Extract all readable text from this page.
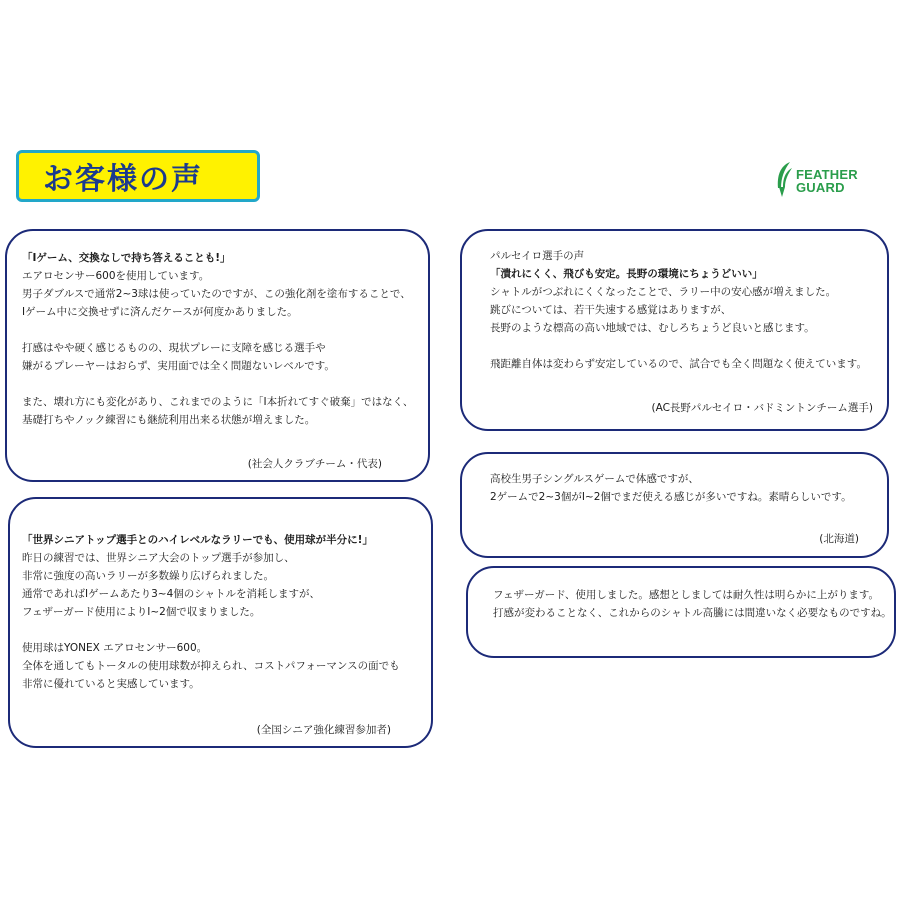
お客様の声	FEATHER
GUARD
「Iゲーム、交換なしで持ち答えることも!」
エアロセンサー600を使用しています。
男子ダブルスで通常2~3球は使っていたのですが、この強化剤を塗布することで、
Iゲーム中に交換せずに済んだケースが何度かありました。
打感はやや硬く感じるものの、現状プレーに支障を感じる選手や
嫌がるプレーヤーはおらず、実用面では全く問題ないレベルです。
また、壊れ方にも変化があり、これまでのように「I本折れてすぐ破棄」ではなく、
基礎打ちやノック練習にも継続利用出来る状態が増えました。
(社会人クラブチーム・代表)
「世界シニアトップ選手とのハイレベルなラリーでも、使用球が半分に!」
昨日の練習では、世界シニア大会のトップ選手が参加し、
非常に強度の高いラリーが多数繰り広げられました。
通常であればIゲームあたり3~4個のシャトルを消耗しますが、
フェザーガード使用によりI~2個で収まりました。
使用球はYONEX エアロセンサー600。
全体を通してもトータルの使用球数が抑えられ、コストパフォーマンスの面でも
非常に優れていると実感しています。
(全国シニア強化練習参加者)
パルセイロ選手の声
「潰れにくく、飛びも安定。長野の環境にちょうどいい」
シャトルがつぶれにくくなったことで、ラリー中の安心感が増えました。
跳びについては、若干失速する感覚はありますが、
長野のような標高の高い地域では、むしろちょうど良いと感じます。
飛距離自体は変わらず安定しているので、試合でも全く問題なく使えています。
(AC長野パルセイロ・バドミントンチーム選手)
高校生男子シングルスゲームで体感ですが、
2ゲームで2~3個がI~2個でまだ使える感じが多いですね。素晴らしいです。
(北海道)
フェザーガード、使用しました。感想としましては耐久性は明らかに上がります。
打感が変わることなく、これからのシャトル高騰には間違いなく必要なものですね。
